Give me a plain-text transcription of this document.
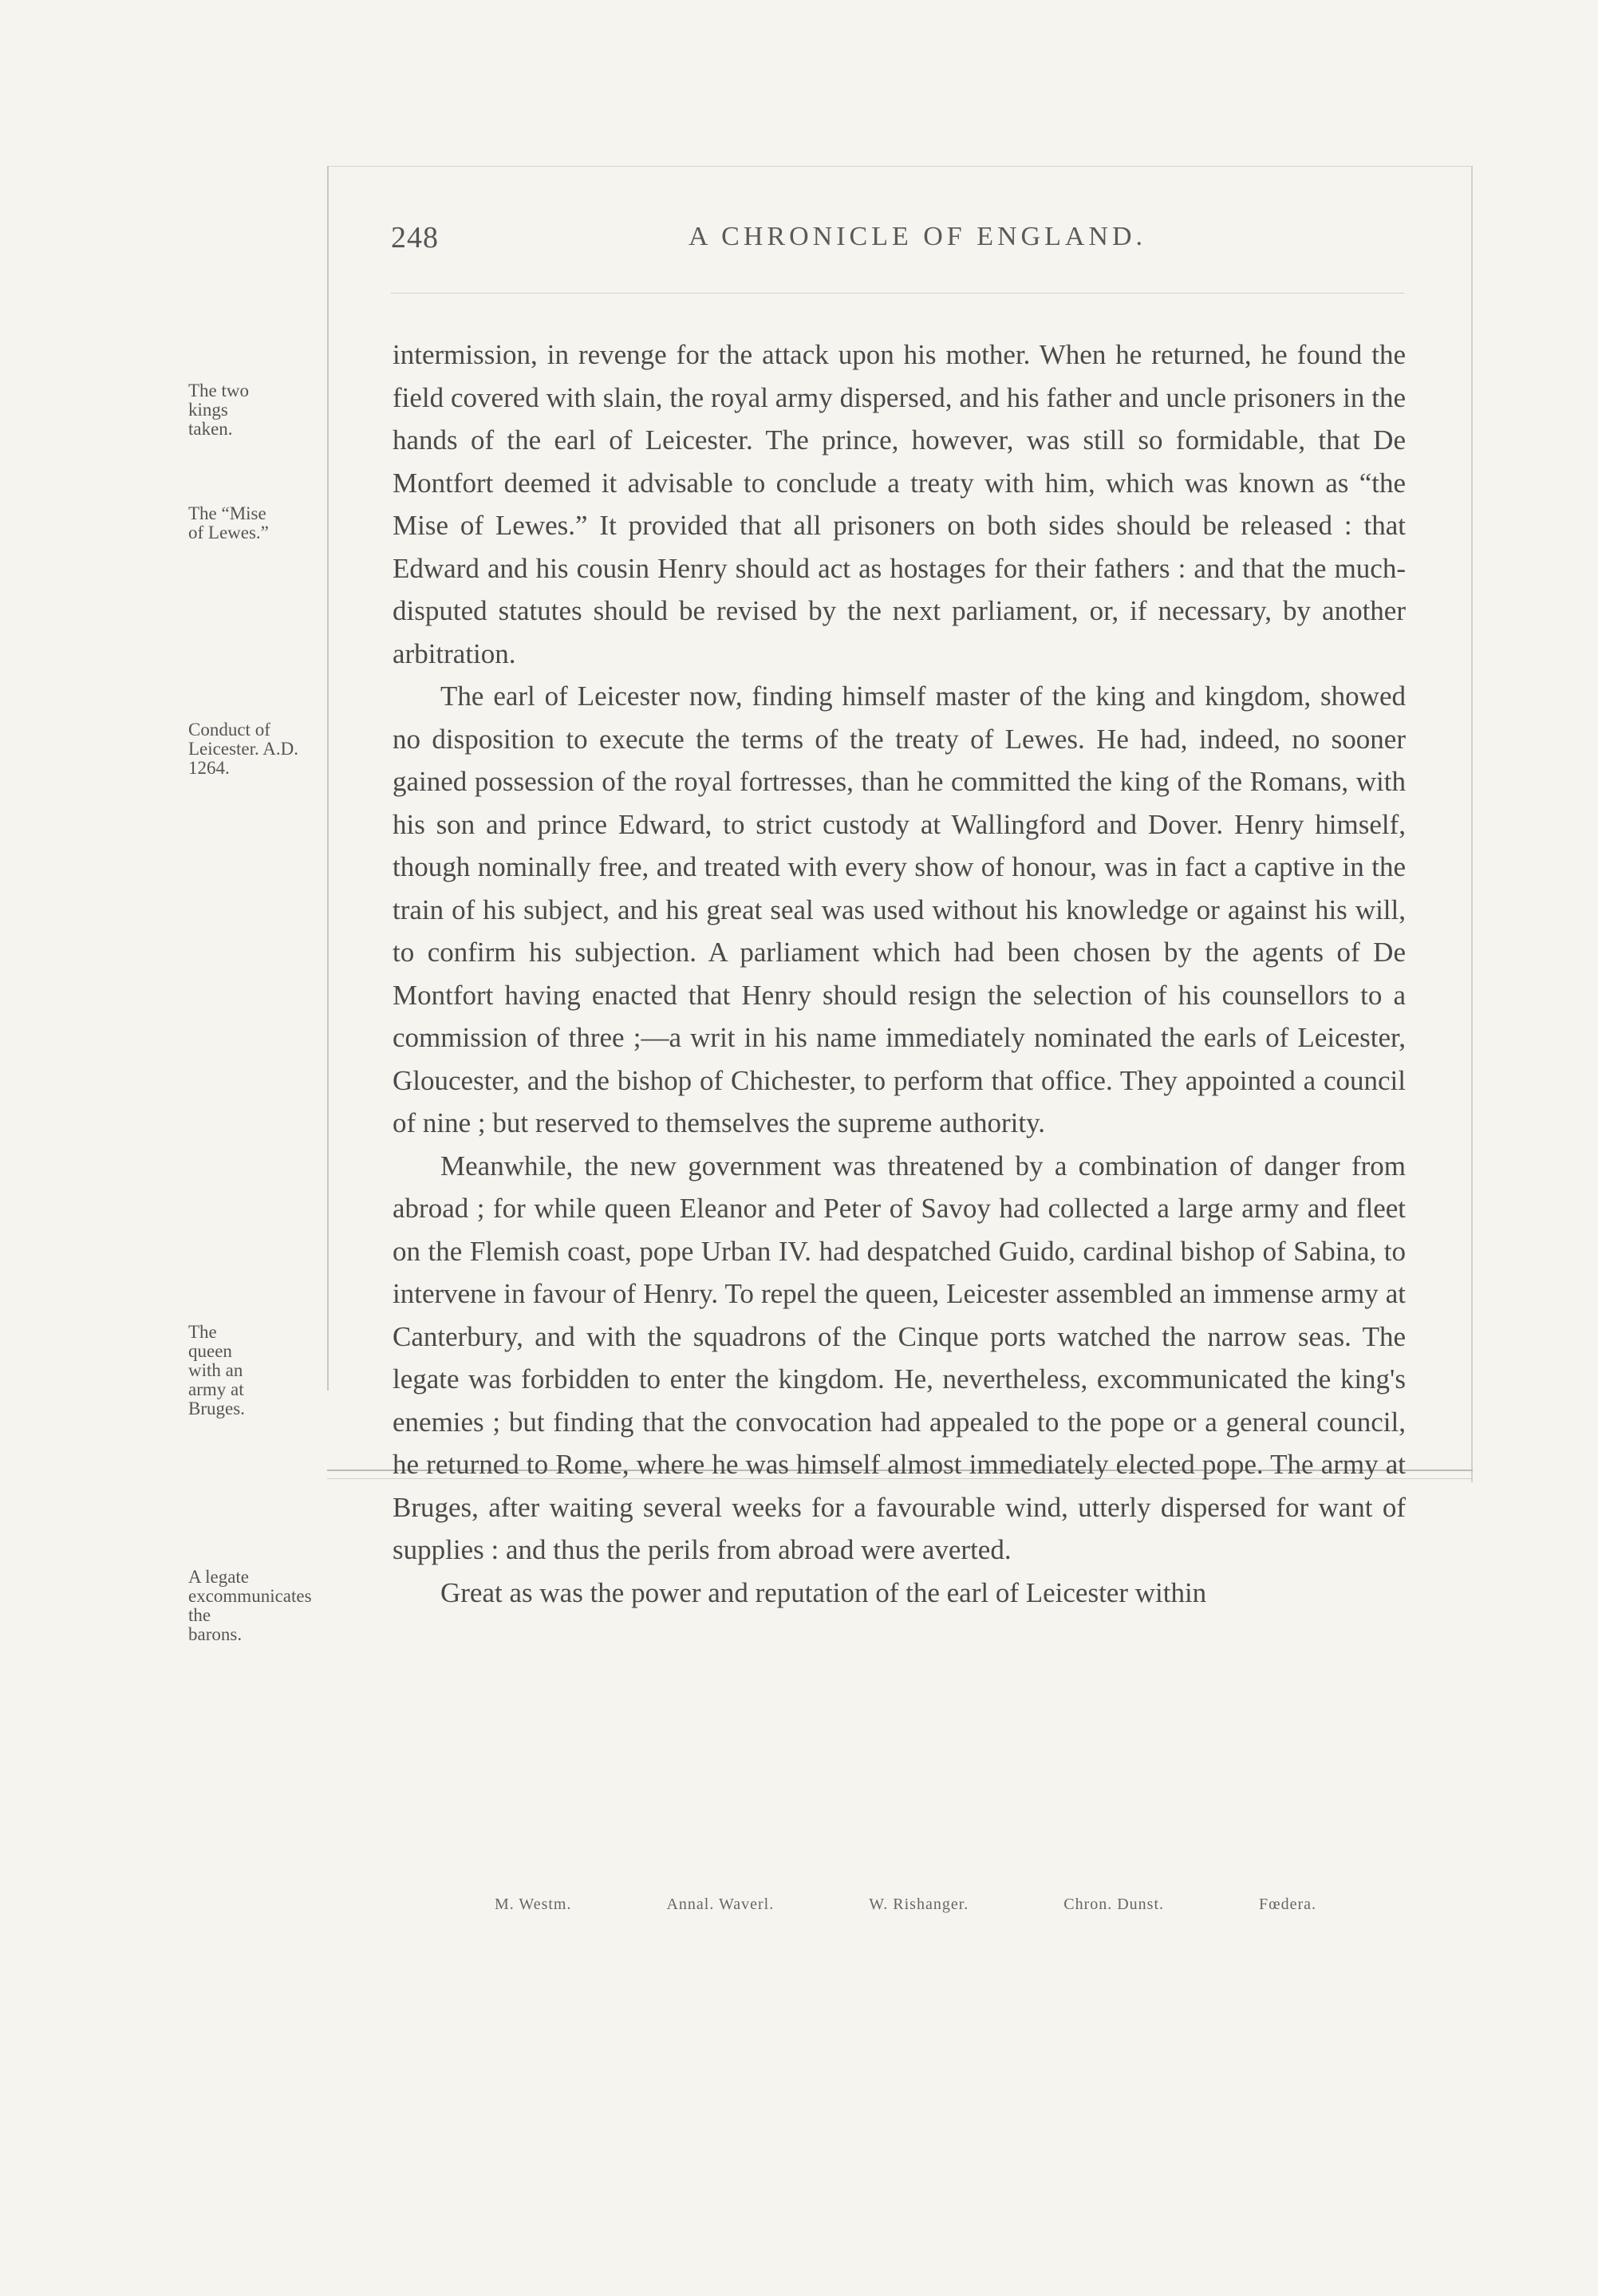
248	A CHRONICLE OF ENGLAND.
The two kings taken.
The “Mise of Lewes.”
Conduct of Leicester. A.D. 1264.
The queen with an army at Bruges.
A legate excommunicates the barons.

intermission, in revenge for the attack upon his mother. When he returned, he found the field covered with slain, the royal army dispersed, and his father and uncle prisoners in the hands of the earl of Leicester. The prince, however, was still so formidable, that De Montfort deemed it advisable to conclude a treaty with him, which was known as “the Mise of Lewes.” It provided that all prisoners on both sides should be released : that Edward and his cousin Henry should act as hostages for their fathers : and that the much-disputed statutes should be revised by the next parliament, or, if necessary, by another arbitration.

The earl of Leicester now, finding himself master of the king and kingdom, showed no disposition to execute the terms of the treaty of Lewes. He had, indeed, no sooner gained possession of the royal fortresses, than he committed the king of the Romans, with his son and prince Edward, to strict custody at Wallingford and Dover. Henry himself, though nominally free, and treated with every show of honour, was in fact a captive in the train of his subject, and his great seal was used without his knowledge or against his will, to confirm his subjection. A parliament which had been chosen by the agents of De Montfort having enacted that Henry should resign the selection of his counsellors to a commission of three ;—a writ in his name immediately nominated the earls of Leicester, Gloucester, and the bishop of Chichester, to perform that office. They appointed a council of nine ; but reserved to themselves the supreme authority.

Meanwhile, the new government was threatened by a combination of danger from abroad ; for while queen Eleanor and Peter of Savoy had collected a large army and fleet on the Flemish coast, pope Urban IV. had despatched Guido, cardinal bishop of Sabina, to intervene in favour of Henry. To repel the queen, Leicester assembled an immense army at Canterbury, and with the squadrons of the Cinque ports watched the narrow seas. The legate was forbidden to enter the kingdom. He, nevertheless, excommunicated the king's enemies ; but finding that the convocation had appealed to the pope or a general council, he returned to Rome, where he was himself almost immediately elected pope. The army at Bruges, after waiting several weeks for a favourable wind, utterly dispersed for want of supplies : and thus the perils from abroad were averted.

Great as was the power and reputation of the earl of Leicester within

M. Westm.	Annal. Waverl.	W. Rishanger.	Chron. Dunst.	Fœdera.
